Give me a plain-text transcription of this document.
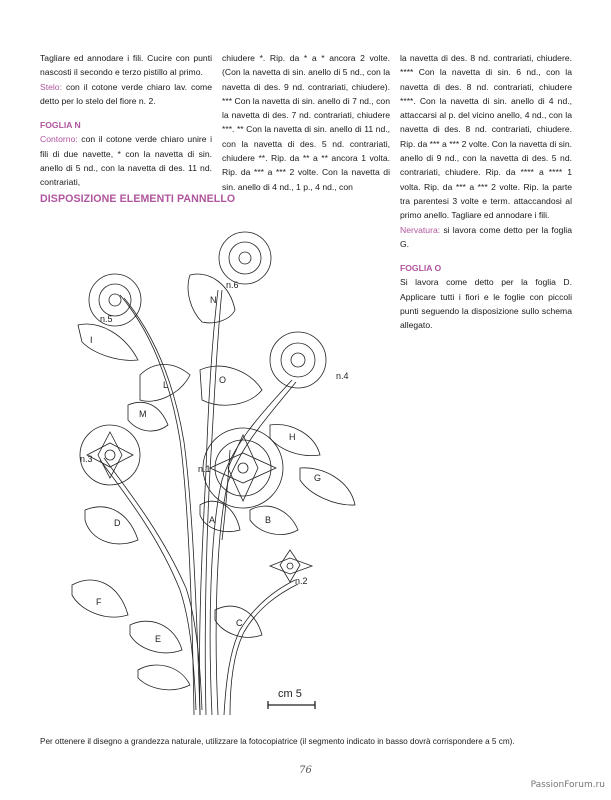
Tagliare ed annodare i fili. Cucire con punti nascosti il secondo e terzo pistillo al primo.

Stelo: con il cotone verde chiaro lav. come detto per lo stelo del fiore n. 2.

FOGLIA N

Contorno: con il cotone verde chiaro unire i fili di due navette, * con la navetta di sin. anello di 5 nd., con la navetta di des. 11 nd. contrariati,

chiudere *. Rip. da * a * ancora 2 volte. (Con la navetta di sin. anello di 5 nd., con la navetta di des. 9 nd. contrariati, chiudere). *** Con la navetta di sin. anello di 7 nd., con la navetta di des. 7 nd. contrariati, chiudere ***. ** Con la navetta di sin. anello di 11 nd., con la navetta di des. 5 nd. contrariati, chiudere **. Rip. da ** a ** ancora 1 volta. Rip. da *** a *** 2 volte. Con la navetta di sin. anello di 4 nd., 1 p., 4 nd., con

la navetta di des. 8 nd. contrariati, chiudere. **** Con la navetta di sin. 6 nd., con la navetta di des. 8 nd. contrariati, chiudere ****. Con la navetta di sin. anello di 4 nd., attaccarsi al p. del vicino anello, 4 nd., con la navetta di des. 8 nd. contrariati, chiudere. Rip. da *** a *** 2 volte. Con la navetta di sin. anello di 9 nd., con la navetta di des. 5 nd. contrariati, chiudere. Rip. da **** a **** 1 volta. Rip. da *** a *** 2 volte. Rip. la parte tra parentesi 3 volte e term. attaccandosi al primo anello. Tagliare ed annodare i fili.

Nervatura: si lavora come detto per la foglia G.

FOGLIA O

Si lavora come detto per la foglia D. Applicare tutti i fiori e le foglie con piccoli punti seguendo la disposizione sullo schema allegato.

DISPOSIZIONE ELEMENTI PANNELLO
n.6
n.5
n.4
n.3
n.1
n.2
N
I
L	O
M
H
G
D	A	B
F
C
E
cm 5
Per ottenere il disegno a grandezza naturale, utilizzare la fotocopiatrice (il segmento indicato in basso dovrà corrispondere a 5 cm).
76
PassionForum.ru
